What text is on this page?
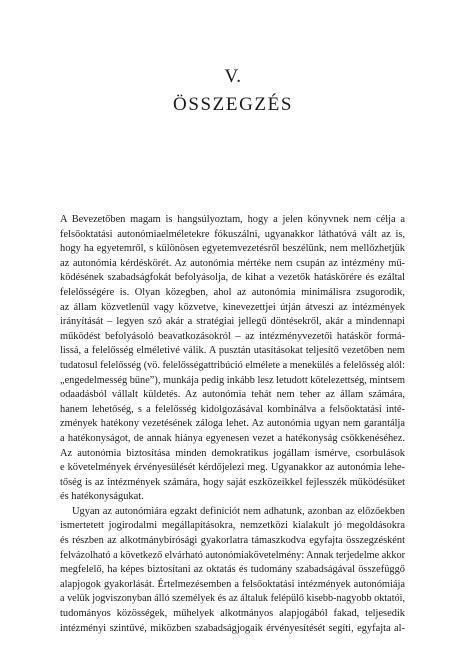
V.
ÖSSZEGZÉS
A Bevezetőben magam is hangsúlyoztam, hogy a jelen könyvnek nem célja a
felsőoktatási autonómiaelméletekre fókuszálni, ugyanakkor láthatóvá vált az is,
hogy ha egyetemről, s különösen egyetemvezetésről beszélünk, nem mellőzhetjük
az autonómia kérdéskörét. Az autonómia mértéke nem csupán az intézmény mű-
ködésének szabadságfokát befolyásolja, de kihat a vezetők hatáskörére és ezáltal
felelősségére is. Olyan közegben, ahol az autonómia minimálisra zsugorodik,
az állam közvetlenül vagy közvetve, kinevezettjei útján átveszi az intézmények
irányítását – legyen szó akár a stratégiai jellegű döntésekről, akár a mindennapi
működést befolyásoló beavatkozásokról – az intézményvezetői hatáskör formá-
lissá, a felelősség elméletivé válik. A pusztán utasításokat teljesítő vezetőben nem
tudatosul felelősség (vö. felelősségattribúció elmélete a menekülés a felelősség alól:
„engedelmesség bűne”), munkája pedig inkább lesz letudott kötelezettség, mintsem
odaadásból vállalt küldetés. Az autonómia tehát nem teher az állam számára,
hanem lehetőség, s a felelősség kidolgozásával kombinálva a felsőoktatási inté-
zmények hatékony vezetésének záloga lehet. Az autonómia ugyan nem garantálja
a hatékonyságot, de annak hiánya egyenesen vezet a hatékonyság csökkenéséhez.
Az autonómia biztosítása minden demokratikus jogállam ismérve, csorbulások
e követelmények érvényesülését kérdőjelezi meg. Ugyanakkor az autonómia lehe-
tőség is az intézmények számára, hogy saját eszközeikkel fejlesszék működésüket
és hatékonyságukat.
Ugyan az autonómiára egzakt definíciót nem adhatunk, azonban az előzőekben
ismertetett jogirodalmi megállapításokra, nemzetközi kialakult jó megoldásokra
és részben az alkotmánybírósági gyakorlatra támaszkodva egyfajta összegzésként
felvázolható a következő elvárható autonómiakövetelmény: Annak terjedelme akkor
megfelelő, ha képes biztosítani az oktatás és tudomány szabadságával összefüggő
alapjogok gyakorlását. Értelmezésemben a felsőoktatási intézmények autonómiája
a velük jogviszonyban álló személyek és az általuk felépülő kisebb-nagyobb oktatói,
tudományos közösségek, műhelyek alkotmányos alapjogából fakad, teljesedik
intézményi szintűvé, miközben szabadságjogaik érvényesítését segíti, egyfajta al-
